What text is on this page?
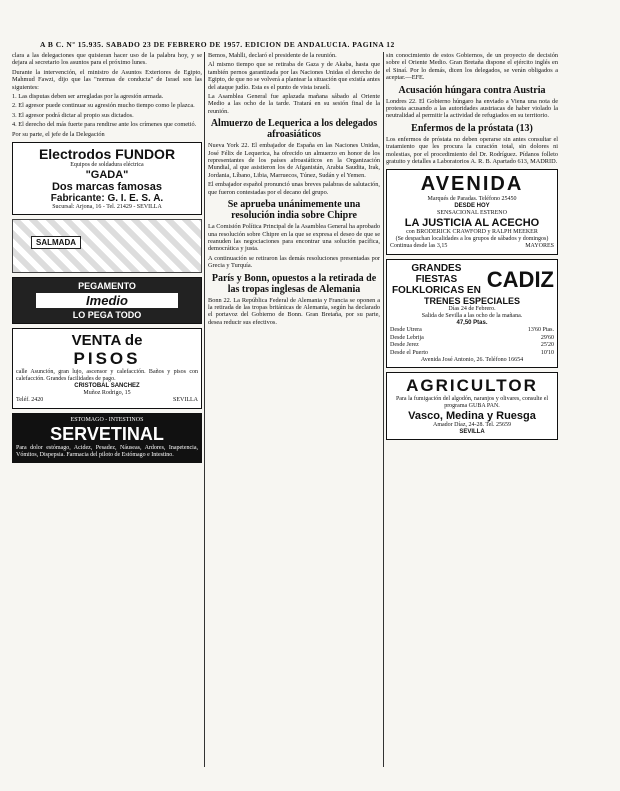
A B C. Nº 15.935. SABADO 23 DE FEBRERO DE 1957. EDICION DE ANDALUCIA. PAGINA 12

clara a las delegaciones que quisieran hacer uso de la palabra hoy, y se dejara al secretario los asuntos para el próximo lunes.

Durante la intervención, el ministro de Asuntos Exteriores de Egipto, Mahmud Fawzi, dijo que las "normas de conducta" de Israel son las siguientes:

1. Las disputas deben ser arregladas por la agresión armada.

2. El agresor puede continuar su agresión mucho tiempo como le plazca.

3. El agresor podrá dictar al propio sus dictados.

4. El derecho del más fuerte para rendirse ante los crímenes que cometió.

Por su parte, el jefe de la Delegación

Electrodos FUNDOR
Equipos de soldadura eléctrica
"GADA"
Dos marcas famosas
Fabricante: G. I. E. S. A.
Sucursal: Arjona, 16 - Tel. 21429 - SEVILLA
SALMADA
PEGAMENTO
Imedio
LO PEGA TODO
VENTA de
PISOS
calle Asunción, gran lujo, ascensor y calefacción. Baños y pisos con calefacción. Grandes facilidades de pago.
CRISTOBAL SANCHEZ
Muñoz Rodrigo, 15
Teléf. 2420	SEVILLA
ESTOMAGO - INTESTINOS
SERVETINAL
Para dolor estómago, Acidez, Pesadez, Náuseas, Ardores, Inapetencia, Vómitos, Dispepsia. Farmacia del piloto de Estómago e Intestino.

Bemos, Mahlli, declaró el presidente de la reunión.

Al mismo tiempo que se retiraba de Gaza y de Akaba, hasta que también pernos garantizada por las Naciones Unidas el derecho de Egipto, de que no se volverá a plantear la situación que existía antes del ataque judío. Esta es el punto de vista israelí.

La Asamblea General fue aplazada mañana sábado al Oriente Medio a las ocho de la tarde. Tratará en su sesión final de la reunión.

Almuerzo de Lequerica a los delegados afroasiáticos

Nueva York 22. El embajador de España en las Naciones Unidas, José Félix de Lequerica, ha ofrecido un almuerzo en honor de los representantes de los países afroasiáticos en la Organización Mundial, al que asistieron los de Afganistán, Arabia Saudita, Irak, Jordania, Líbano, Libia, Marruecos, Túnez, Sudán y el Yemen.

El embajador español pronunció unas breves palabras de salutación, que fueron contestadas por el decano del grupo.

Se aprueba unánimemente una resolución india sobre Chipre

La Comisión Política Principal de la Asamblea General ha aprobado una resolución sobre Chipre en la que se expresa el deseo de que se reanuden las negociaciones para encontrar una solución pacífica, democrática y justa.

A continuación se retiraron las demás resoluciones presentadas por Grecia y Turquía.

París y Bonn, opuestos a la retirada de las tropas inglesas de Alemania

Bonn 22. La República Federal de Alemania y Francia se oponen a la retirada de las tropas británicas de Alemania, según ha declarado el portavoz del Gobierno de Bonn. Gran Bretaña, por su parte, desea reducir sus efectivos.

sin conocimiento de estos Gobiernos, de un proyecto de decisión sobre el Oriente Medio. Gran Bretaña dispone el ejército inglés en el Sinaí. Por lo demás, dicen los delegados, se verán obligados a aceptar.—EFE.

Acusación húngara contra Austria

Londres 22. El Gobierno húngaro ha enviado a Viena una nota de protesta acusando a las autoridades austriacas de haber violado la neutralidad al permitir la actividad de refugiados en su territorio.

Enfermos de la próstata (13)

Los enfermos de próstata no deben operarse sin antes consultar el tratamiento que les procura la curación total, sin dolores ni molestias, por el procedimiento del Dr. Rodríguez. Pídanos folleto gratuito y detalles a Laboratorios A. R. B. Apartado 613, MADRID.

AVENIDA
Marqués de Paradas. Teléfono 25450
DESDE HOY
SENSACIONAL ESTRENO
LA JUSTICIA AL ACECHO
con BRODERICK CRAWFORD y RALPH MEEKER
(Se despachan localidades a los grupos de sábados y domingos)
Continua desde las 3,15	MAYORES
GRANDES FIESTAS
FOLKLORICAS EN CADIZ
TRENES ESPECIALES
Días 24 de Febrero.
Salida de Sevilla a las ocho de la mañana.
47,50 Ptas.
Desde Utrera	13'60 Ptas.
Desde Lebrija	29'60
Desde Jerez	25'20
Desde el Puerto	10'10
Avenida José Antonio, 26. Teléfono 16654
AGRICULTOR
Para la fumigación del algodón, naranjos y olivares, consulte el programa GUBA PAN.
Vasco, Medina y Ruesga
Amador Díaz, 24-28. Tel. 25659
SEVILLA
